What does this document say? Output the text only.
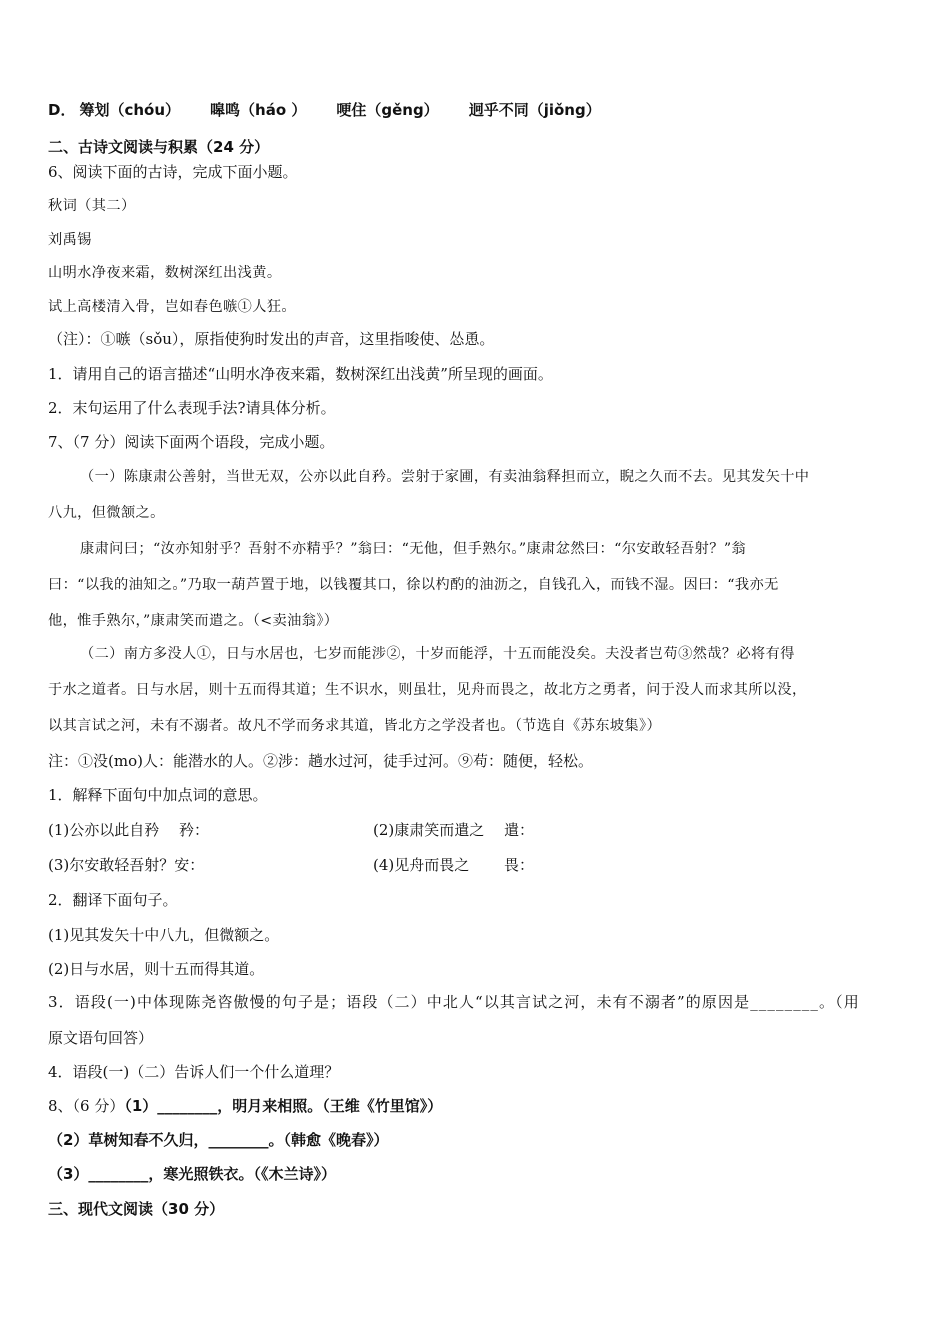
D． 筹划（chóu） 嗥鸣（háo ） 哽住（gěng） 迥乎不同（jiǒng）
二、古诗文阅读与积累（24 分）
6、阅读下面的古诗，完成下面小题。
秋词（其二）
刘禹锡
山明水净夜来霜，数树深红出浅黄。
试上高楼清入骨，岂如春色嗾①人狂。
（注）：①嗾（sǒu），原指使狗时发出的声音，这里指唆使、怂恿。
1．请用自己的语言描述“山明水净夜来霜，数树深红出浅黄”所呈现的画面。
2．末句运用了什么表现手法?请具体分析。
7、（7 分）阅读下面两个语段，完成小题。
（一）陈康肃公善射，当世无双，公亦以此自矜。尝射于家圃，有卖油翁释担而立，睨之久而不去。见其发矢十中
八九，但微颔之。
康肃问曰；“汝亦知射乎？吾射不亦精乎？”翁曰：“无他，但手熟尔。”康肃忿然曰：“尔安敢轻吾射？”翁
曰：“以我的油知之。”乃取一葫芦置于地，以钱覆其口，徐以杓酌的油沥之，自钱孔入，而钱不湿。因曰：“我亦无
他，惟手熟尔，”康肃笑而遣之。（<卖油翁》）
（二）南方多没人①，日与水居也，七岁而能涉②，十岁而能浮，十五而能没矣。夫没者岂苟③然哉？必将有得
于水之道者。日与水居，则十五而得其道；生不识水，则虽壮，见舟而畏之，故北方之勇者，问于没人而求其所以没，
以其言试之河，未有不溺者。故凡不学而务求其道，皆北方之学没者也。（节选自《苏东坡集》）
注：①没(mo)人：能潜水的人。②涉：趟水过河，徒手过河。⑨苟：随便，轻松。
1．解释下面句中加点词的意思。
(1)公亦以此自矜　 矜：	(2)康肃笑而遣之　 遣：
(3)尔安敢轻吾射？安：	(4)见舟而畏之　　 畏：
2．翻译下面句子。
(1)见其发矢十中八九，但微额之。
(2)日与水居，则十五而得其道。
3．语段(一)中体现陈尧咨傲慢的句子是；语段（二）中北人“以其言试之河，未有不溺者”的原因是________。（用
原文语句回答）
4．语段(一)（二）告诉人们一个什么道理？
8、（6 分）（1）________，明月来相照。（王维《竹里馆》）
（2）草树知春不久归，________。（韩愈《晚春》）
（3）________，寒光照铁衣。（《木兰诗》）
三、现代文阅读（30 分）
